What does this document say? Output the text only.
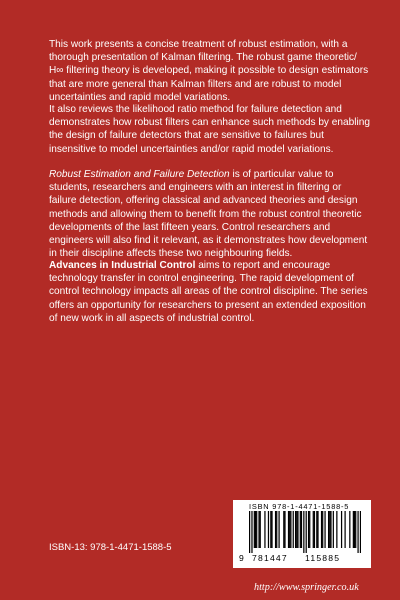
This work presents a concise treatment of robust estimation, with a thorough presentation of Kalman filtering. The robust game theoretic/ H∞ filtering theory is developed, making it possible to design estimators that are more general than Kalman filters and are robust to model uncertainties and rapid model variations.
It also reviews the likelihood ratio method for failure detection and demonstrates how robust filters can enhance such methods by enabling the design of failure detectors that are sensitive to failures but insensitive to model uncertainties and/or rapid model variations.
Robust Estimation and Failure Detection is of particular value to students, researchers and engineers with an interest in filtering or failure detection, offering classical and advanced theories and design methods and allowing them to benefit from the robust control theoretic developments of the last fifteen years. Control researchers and engineers will also find it relevant, as it demonstrates how development in their discipline affects these two neighbouring fields.
Advances in Industrial Control aims to report and encourage technology transfer in control engineering. The rapid development of control technology impacts all areas of the control discipline. The series offers an opportunity for researchers to present an extended exposition of new work in all aspects of industrial control.
ISBN 978-1-4471-1588-5
9 781447 115885
ISBN-13: 978-1-4471-1588-5
http://www.springer.co.uk
